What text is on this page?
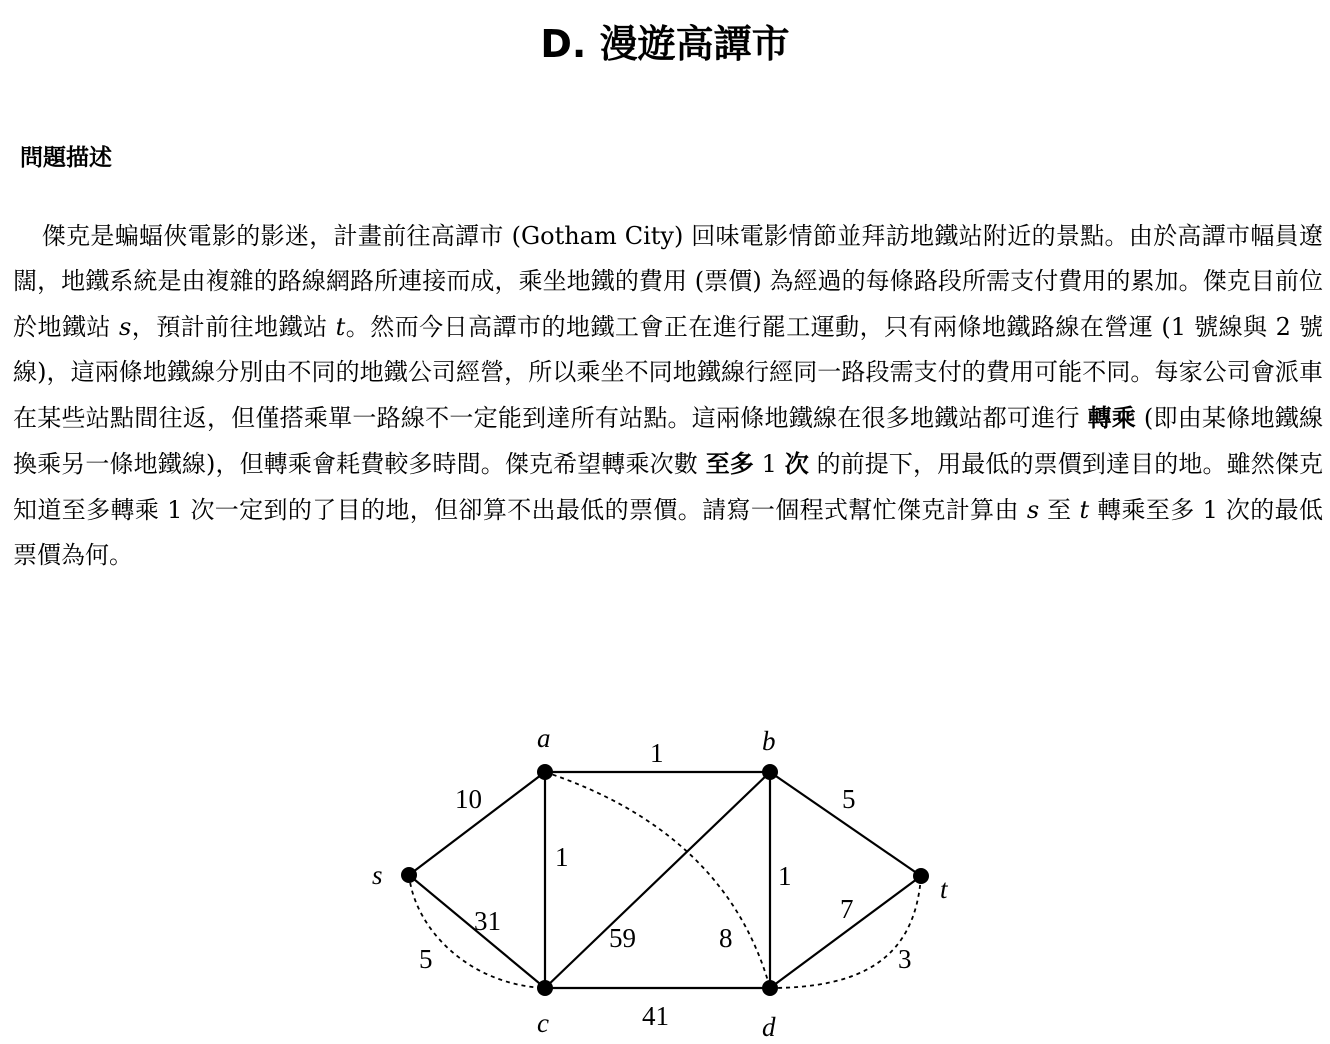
D. 漫遊高譚市
問題描述

傑克是蝙蝠俠電影的影迷，計畫前往高譚市 (Gotham City) 回味電影情節並拜訪地鐵站附近的景點。由於高譚市幅員遼闊，地鐵系統是由複雜的路線網路所連接而成，乘坐地鐵的費用 (票價) 為經過的每條路段所需支付費用的累加。傑克目前位於地鐵站 s，預計前往地鐵站 t。然而今日高譚市的地鐵工會正在進行罷工運動，只有兩條地鐵路線在營運 (1 號線與 2 號線)，這兩條地鐵線分別由不同的地鐵公司經營，所以乘坐不同地鐵線行經同一路段需支付的費用可能不同。每家公司會派車在某些站點間往返，但僅搭乘單一路線不一定能到達所有站點。這兩條地鐵線在很多地鐵站都可進行 轉乘 (即由某條地鐵線換乘另一條地鐵線)，但轉乘會耗費較多時間。傑克希望轉乘次數 至多 1 次 的前提下，用最低的票價到達目的地。雖然傑克知道至多轉乘 1 次一定到的了目的地，但卻算不出最低的票價。請寫一個程式幫忙傑克計算由 s 至 t 轉乘至多 1 次的最低票價為何。

a	b
s	t
c	d
10
1
1
31
59
1
5
41
7
5
8
3
